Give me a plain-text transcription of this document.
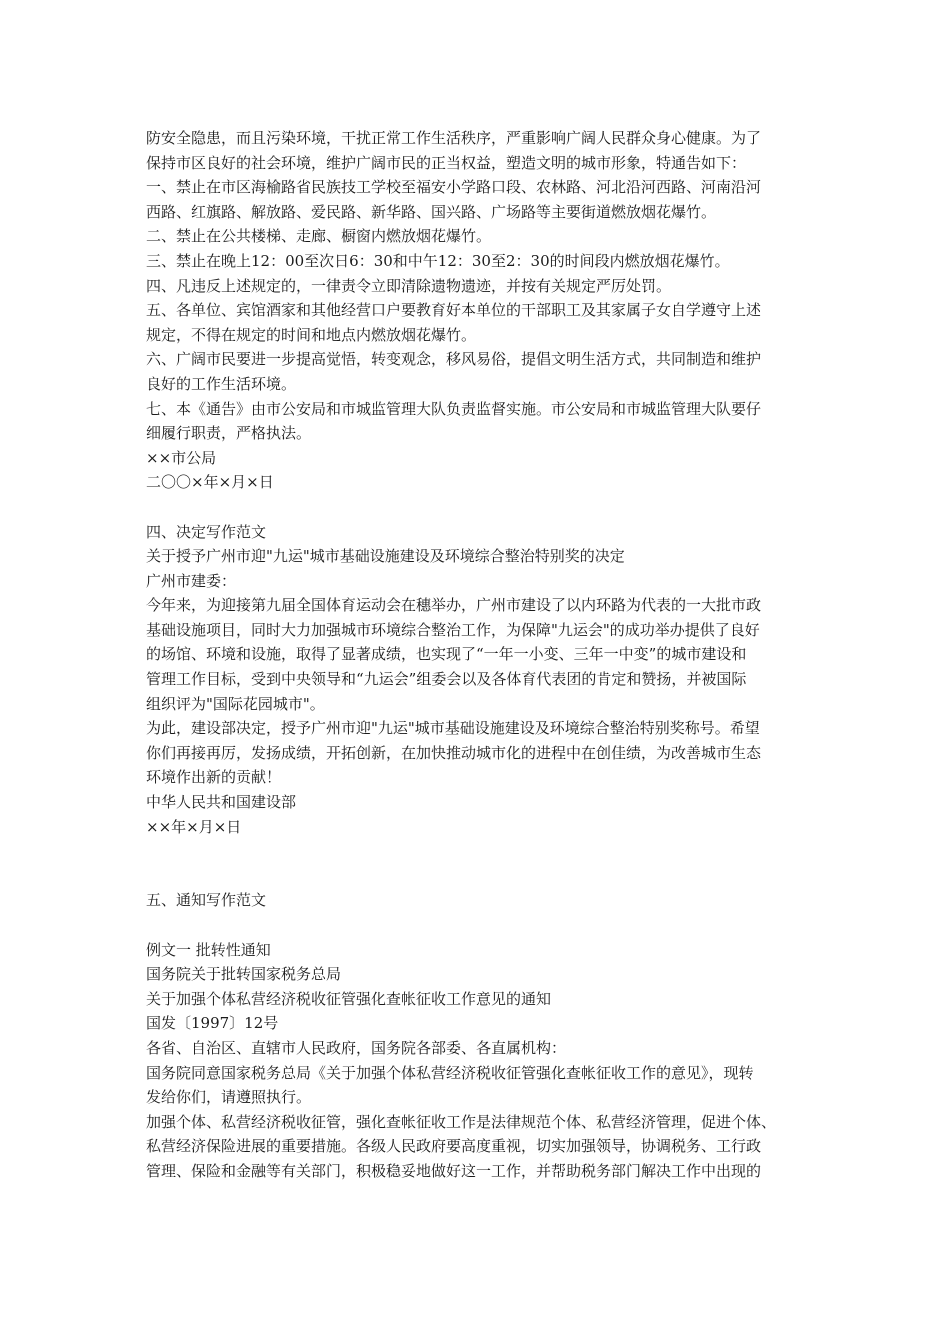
防安全隐患，而且污染环境，干扰正常工作生活秩序，严重影响广阔人民群众身心健康。为了
保持市区良好的社会环境，维护广阔市民的正当权益，塑造文明的城市形象，特通告如下：
一、禁止在市区海榆路省民族技工学校至福安小学路口段、农林路、河北沿河西路、河南沿河
西路、红旗路、解放路、爱民路、新华路、国兴路、广场路等主要街道燃放烟花爆竹。
二、禁止在公共楼梯、走廊、橱窗内燃放烟花爆竹。
三、禁止在晚上12：00至次日6：30和中午12：30至2：30的时间段内燃放烟花爆竹。
四、凡违反上述规定的，一律责令立即清除遗物遗迹，并按有关规定严厉处罚。
五、各单位、宾馆酒家和其他经营口户要教育好本单位的干部职工及其家属子女自学遵守上述
规定，不得在规定的时间和地点内燃放烟花爆竹。
六、广阔市民要进一步提高觉悟，转变观念，移风易俗，提倡文明生活方式，共同制造和维护
良好的工作生活环境。
七、本《通告》由市公安局和市城监管理大队负责监督实施。市公安局和市城监管理大队要仔
细履行职责，严格执法。
××市公局
二〇〇×年×月×日
四、决定写作范文
关于授予广州市迎"九运"城市基础设施建设及环境综合整治特别奖的决定
广州市建委：
今年来，为迎接第九届全国体育运动会在穗举办，广州市建设了以内环路为代表的一大批市政
基础设施项目，同时大力加强城市环境综合整治工作，为保障"九运会"的成功举办提供了良好
的场馆、环境和设施，取得了显著成绩，也实现了“一年一小变、三年一中变”的城市建设和
管理工作目标，受到中央领导和“九运会”组委会以及各体育代表团的肯定和赞扬，并被国际
组织评为"国际花园城市"。
为此，建设部决定，授予广州市迎"九运"城市基础设施建设及环境综合整治特别奖称号。希望
你们再接再厉，发扬成绩，开拓创新，在加快推动城市化的进程中在创佳绩，为改善城市生态
环境作出新的贡献！
中华人民共和国建设部
××年×月×日
五、通知写作范文
例文一 批转性通知
国务院关于批转国家税务总局
关于加强个体私营经济税收征管强化查帐征收工作意见的通知
国发〔1997〕12号
各省、自治区、直辖市人民政府，国务院各部委、各直属机构：
国务院同意国家税务总局《关于加强个体私营经济税收征管强化查帐征收工作的意见》，现转
发给你们，请遵照执行。
加强个体、私营经济税收征管，强化查帐征收工作是法律规范个体、私营经济管理，促进个体、
私营经济保险进展的重要措施。各级人民政府要高度重视，切实加强领导，协调税务、工行政
管理、保险和金融等有关部门，积极稳妥地做好这一工作，并帮助税务部门解决工作中出现的
